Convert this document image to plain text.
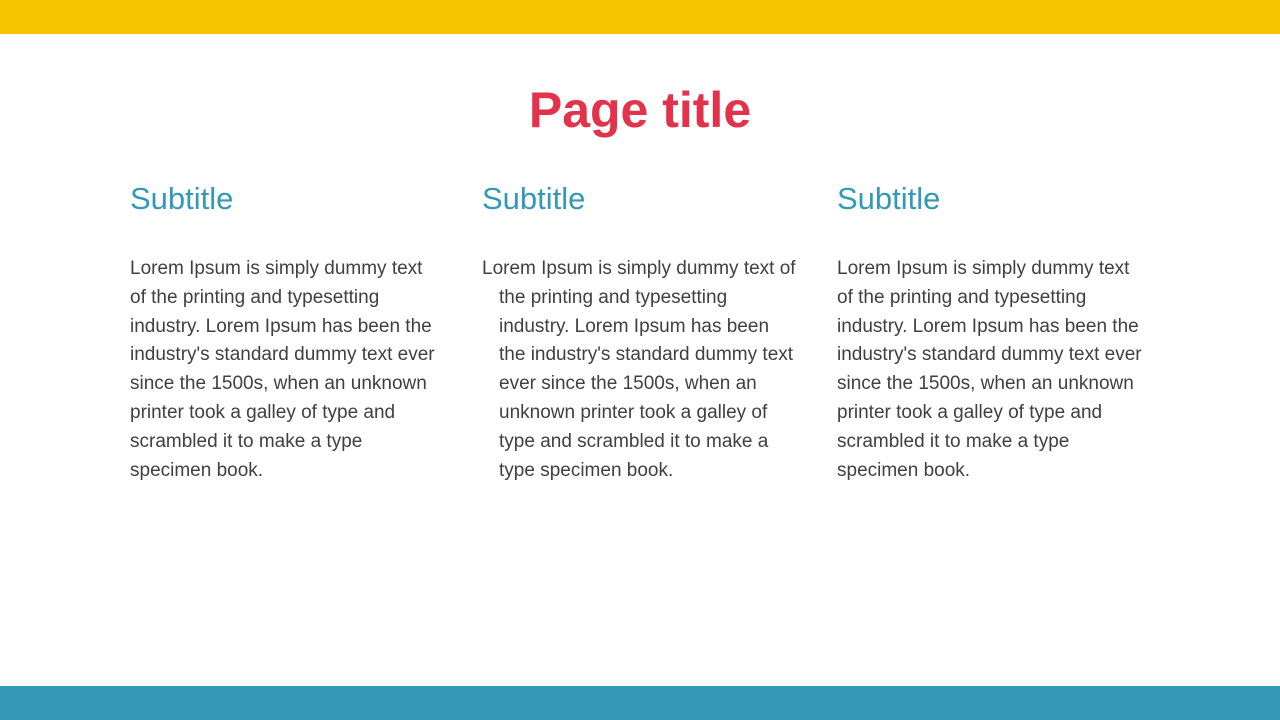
Page title
Subtitle

Lorem Ipsum is simply dummy text of the printing and typesetting industry. Lorem Ipsum has been the industry's standard dummy text ever since the 1500s, when an unknown printer took a galley of type and scrambled it to make a type specimen book.

Subtitle

Lorem Ipsum is simply dummy text of the printing and typesetting industry. Lorem Ipsum has been the industry's standard dummy text ever since the 1500s, when an unknown printer took a galley of type and scrambled it to make a type specimen book.

Subtitle

Lorem Ipsum is simply dummy text of the printing and typesetting industry. Lorem Ipsum has been the industry's standard dummy text ever since the 1500s, when an unknown printer took a galley of type and scrambled it to make a type specimen book.
